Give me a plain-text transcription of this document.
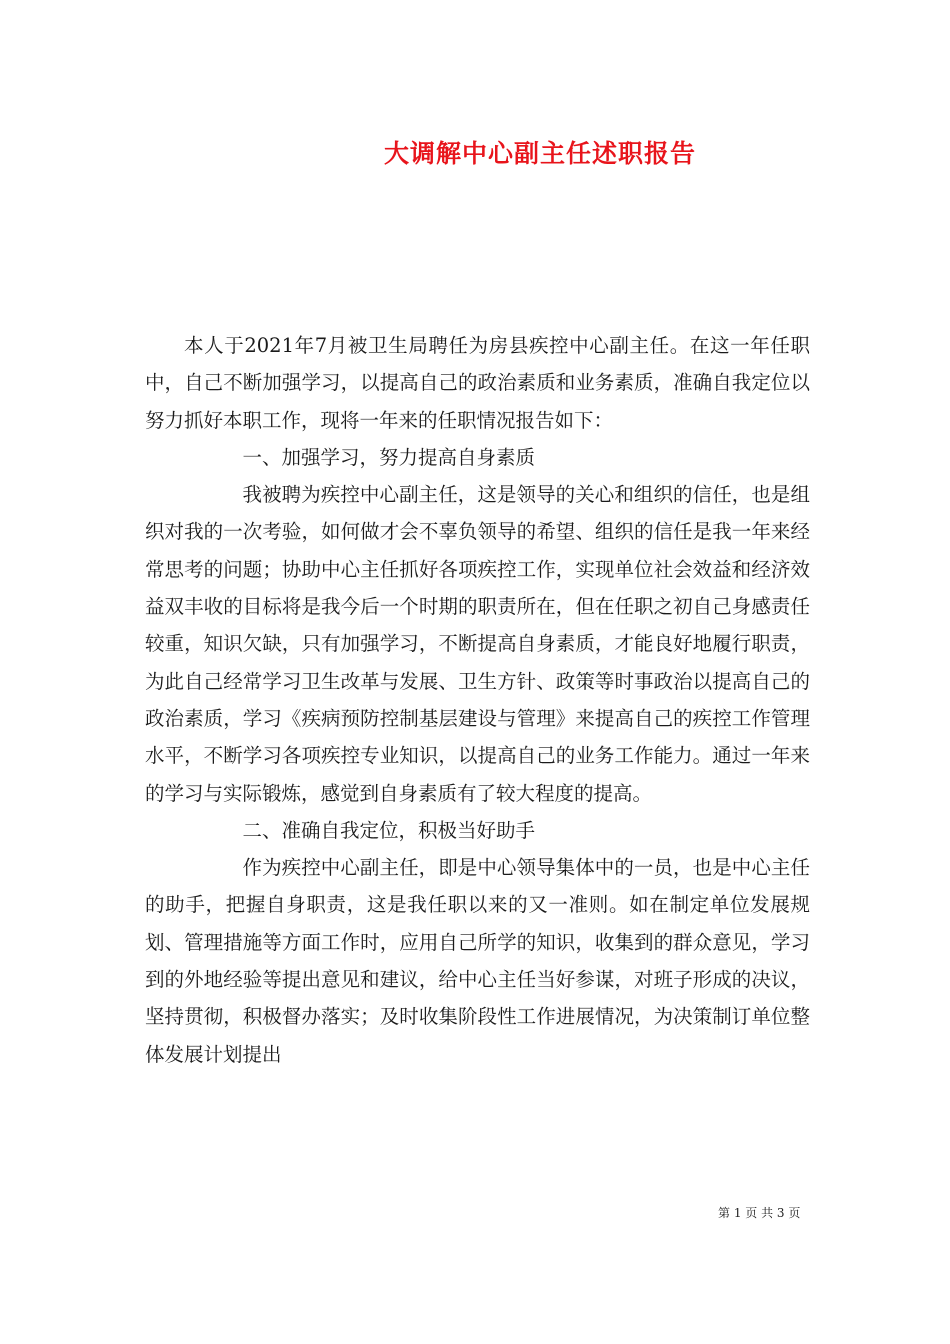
大调解中心副主任述职报告

本人于2021年7月被卫生局聘任为房县疾控中心副主任。在这一年任职中，自己不断加强学习，以提高自己的政治素质和业务素质，准确自我定位以努力抓好本职工作，现将一年来的任职情况报告如下：

一、加强学习，努力提高自身素质

我被聘为疾控中心副主任，这是领导的关心和组织的信任，也是组织对我的一次考验，如何做才会不辜负领导的希望、组织的信任是我一年来经常思考的问题；协助中心主任抓好各项疾控工作，实现单位社会效益和经济效益双丰收的目标将是我今后一个时期的职责所在，但在任职之初自己身感责任较重，知识欠缺，只有加强学习，不断提高自身素质，才能良好地履行职责，为此自己经常学习卫生改革与发展、卫生方针、政策等时事政治以提高自己的政治素质，学习《疾病预防控制基层建设与管理》来提高自己的疾控工作管理水平，不断学习各项疾控专业知识，以提高自己的业务工作能力。通过一年来的学习与实际锻炼，感觉到自身素质有了较大程度的提高。

二、准确自我定位，积极当好助手

作为疾控中心副主任，即是中心领导集体中的一员，也是中心主任的助手，把握自身职责，这是我任职以来的又一准则。如在制定单位发展规划、管理措施等方面工作时，应用自己所学的知识，收集到的群众意见，学习到的外地经验等提出意见和建议，给中心主任当好参谋，对班子形成的决议，坚持贯彻，积极督办落实；及时收集阶段性工作进展情况，为决策制订单位整体发展计划提出

第 1 页 共 3 页
